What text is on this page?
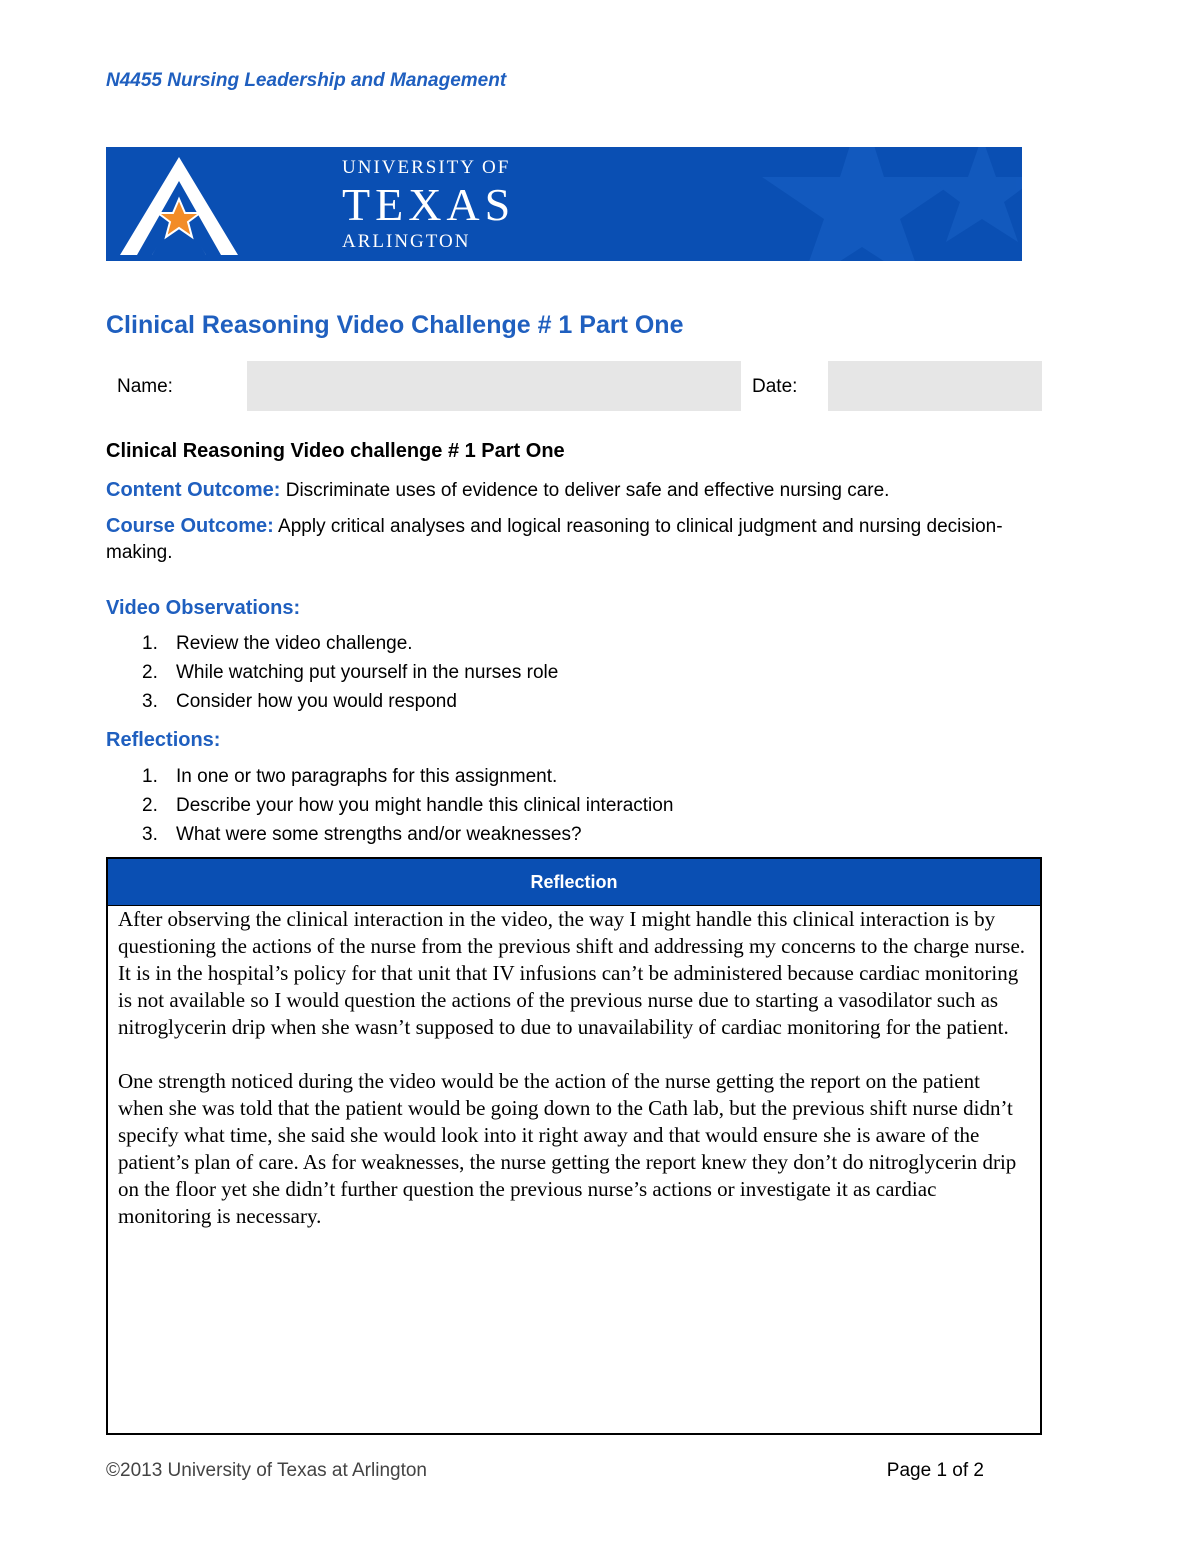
N4455 Nursing Leadership and Management
UNIVERSITY OF
TEXAS
ARLINGTON
Clinical Reasoning Video Challenge # 1 Part One
Name:	Date:
Clinical Reasoning Video challenge # 1 Part One
Content Outcome: Discriminate uses of evidence to deliver safe and effective nursing care.
Course Outcome: Apply critical analyses and logical reasoning to clinical judgment and nursing decision-making.
Video Observations:
1. Review the video challenge.
2. While watching put yourself in the nurses role
3. Consider how you would respond
Reflections:
1. In one or two paragraphs for this assignment.
2. Describe your how you might handle this clinical interaction
3. What were some strengths and/or weaknesses?
Reflection

After observing the clinical interaction in the video, the way I might handle this clinical interaction is by questioning the actions of the nurse from the previous shift and addressing my concerns to the charge nurse. It is in the hospital’s policy for that unit that IV infusions can’t be administered because cardiac monitoring is not available so I would question the actions of the previous nurse due to starting a vasodilator such as nitroglycerin drip when she wasn’t supposed to due to unavailability of cardiac monitoring for the patient.

One strength noticed during the video would be the action of the nurse getting the report on the patient when she was told that the patient would be going down to the Cath lab, but the previous shift nurse didn’t specify what time, she said she would look into it right away and that would ensure she is aware of the patient’s plan of care. As for weaknesses, the nurse getting the report knew they don’t do nitroglycerin drip on the floor yet she didn’t further question the previous nurse’s actions or investigate it as cardiac monitoring is necessary.

©2013 University of Texas at Arlington	Page 1 of 2
